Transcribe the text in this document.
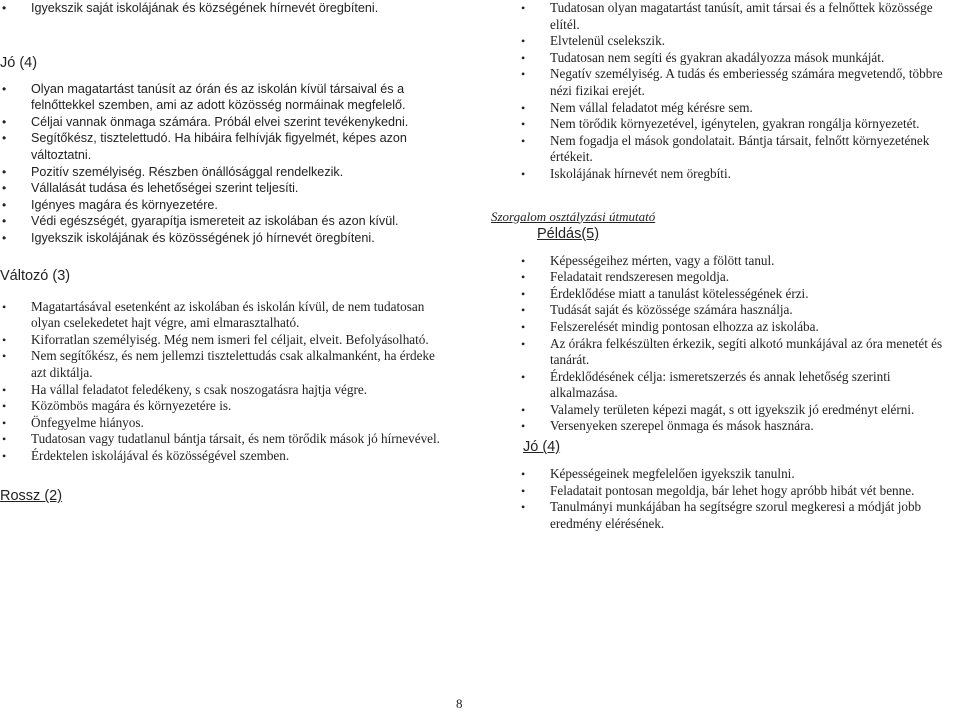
• Igyekszik saját iskolájának és községének hírnevét öregbíteni.
Jó (4)
• Olyan magatartást tanúsít az órán és az iskolán kívül társaival és a felnőttekkel szemben, ami az adott közösség normáinak megfelelő.
• Céljai vannak önmaga számára. Próbál elvei szerint tevékenykedni.
• Segítőkész, tisztelettudó. Ha hibáira felhívják figyelmét, képes azon változtatni.
• Pozitív személyiség. Részben önállósággal rendelkezik.
• Vállalását tudása és lehetőségei szerint teljesíti.
• Igényes magára és környezetére.
• Védi egészségét, gyarapítja ismereteit az iskolában és azon kívül.
• Igyekszik iskolájának és közösségének jó hírnevét öregbíteni.
Változó (3)
• Magatartásával esetenként az iskolában és iskolán kívül, de nem tudatosan olyan cselekedetet hajt végre, ami elmarasztalható.
• Kiforratlan személyiség. Még nem ismeri fel céljait, elveit. Befolyásolható.
• Nem segítőkész, és nem jellemzi tisztelettudás csak alkalmanként, ha érdeke azt diktálja.
• Ha vállal feladatot feledékeny, s csak noszogatásra hajtja végre.
• Közömbös magára és környezetére is.
• Önfegyelme hiányos.
• Tudatosan vagy tudatlanul bántja társait, és nem törődik mások jó hírnevével.
• Érdektelen iskolájával és közösségével szemben.
Rossz (2)
• Tudatosan olyan magatartást tanúsít, amit társai és a felnőttek közössége elítél.
• Elvtelenül cselekszik.
• Tudatosan nem segíti és gyakran akadályozza mások munkáját.
• Negatív személyiség. A tudás és emberiesség számára megvetendő, többre nézi fizikai erejét.
• Nem vállal feladatot még kérésre sem.
• Nem törődik környezetével, igénytelen, gyakran rongálja környezetét.
• Nem fogadja el mások gondolatait. Bántja társait, felnőtt környezetének értékeit.
• Iskolájának hírnevét nem öregbíti.
Szorgalom osztályzási útmutató
Példás(5)
• Képességeihez mérten, vagy a fölött tanul.
• Feladatait rendszeresen megoldja.
• Érdeklődése miatt a tanulást kötelességének érzi.
• Tudását saját és közössége számára használja.
• Felszerelését mindig pontosan elhozza az iskolába.
• Az órákra felkészülten érkezik, segíti alkotó munkájával az óra menetét és tanárát.
• Érdeklődésének célja: ismeretszerzés és annak lehetőség szerinti alkalmazása.
• Valamely területen képezi magát, s ott igyekszik jó eredményt elérni.
• Versenyeken szerepel önmaga és mások hasznára.
Jó (4)
• Képességeinek megfelelően igyekszik tanulni.
• Feladatait pontosan megoldja, bár lehet hogy apróbb hibát vét benne.
• Tanulmányi munkájában ha segítségre szorul megkeresi a módját jobb eredmény elérésének.
8
